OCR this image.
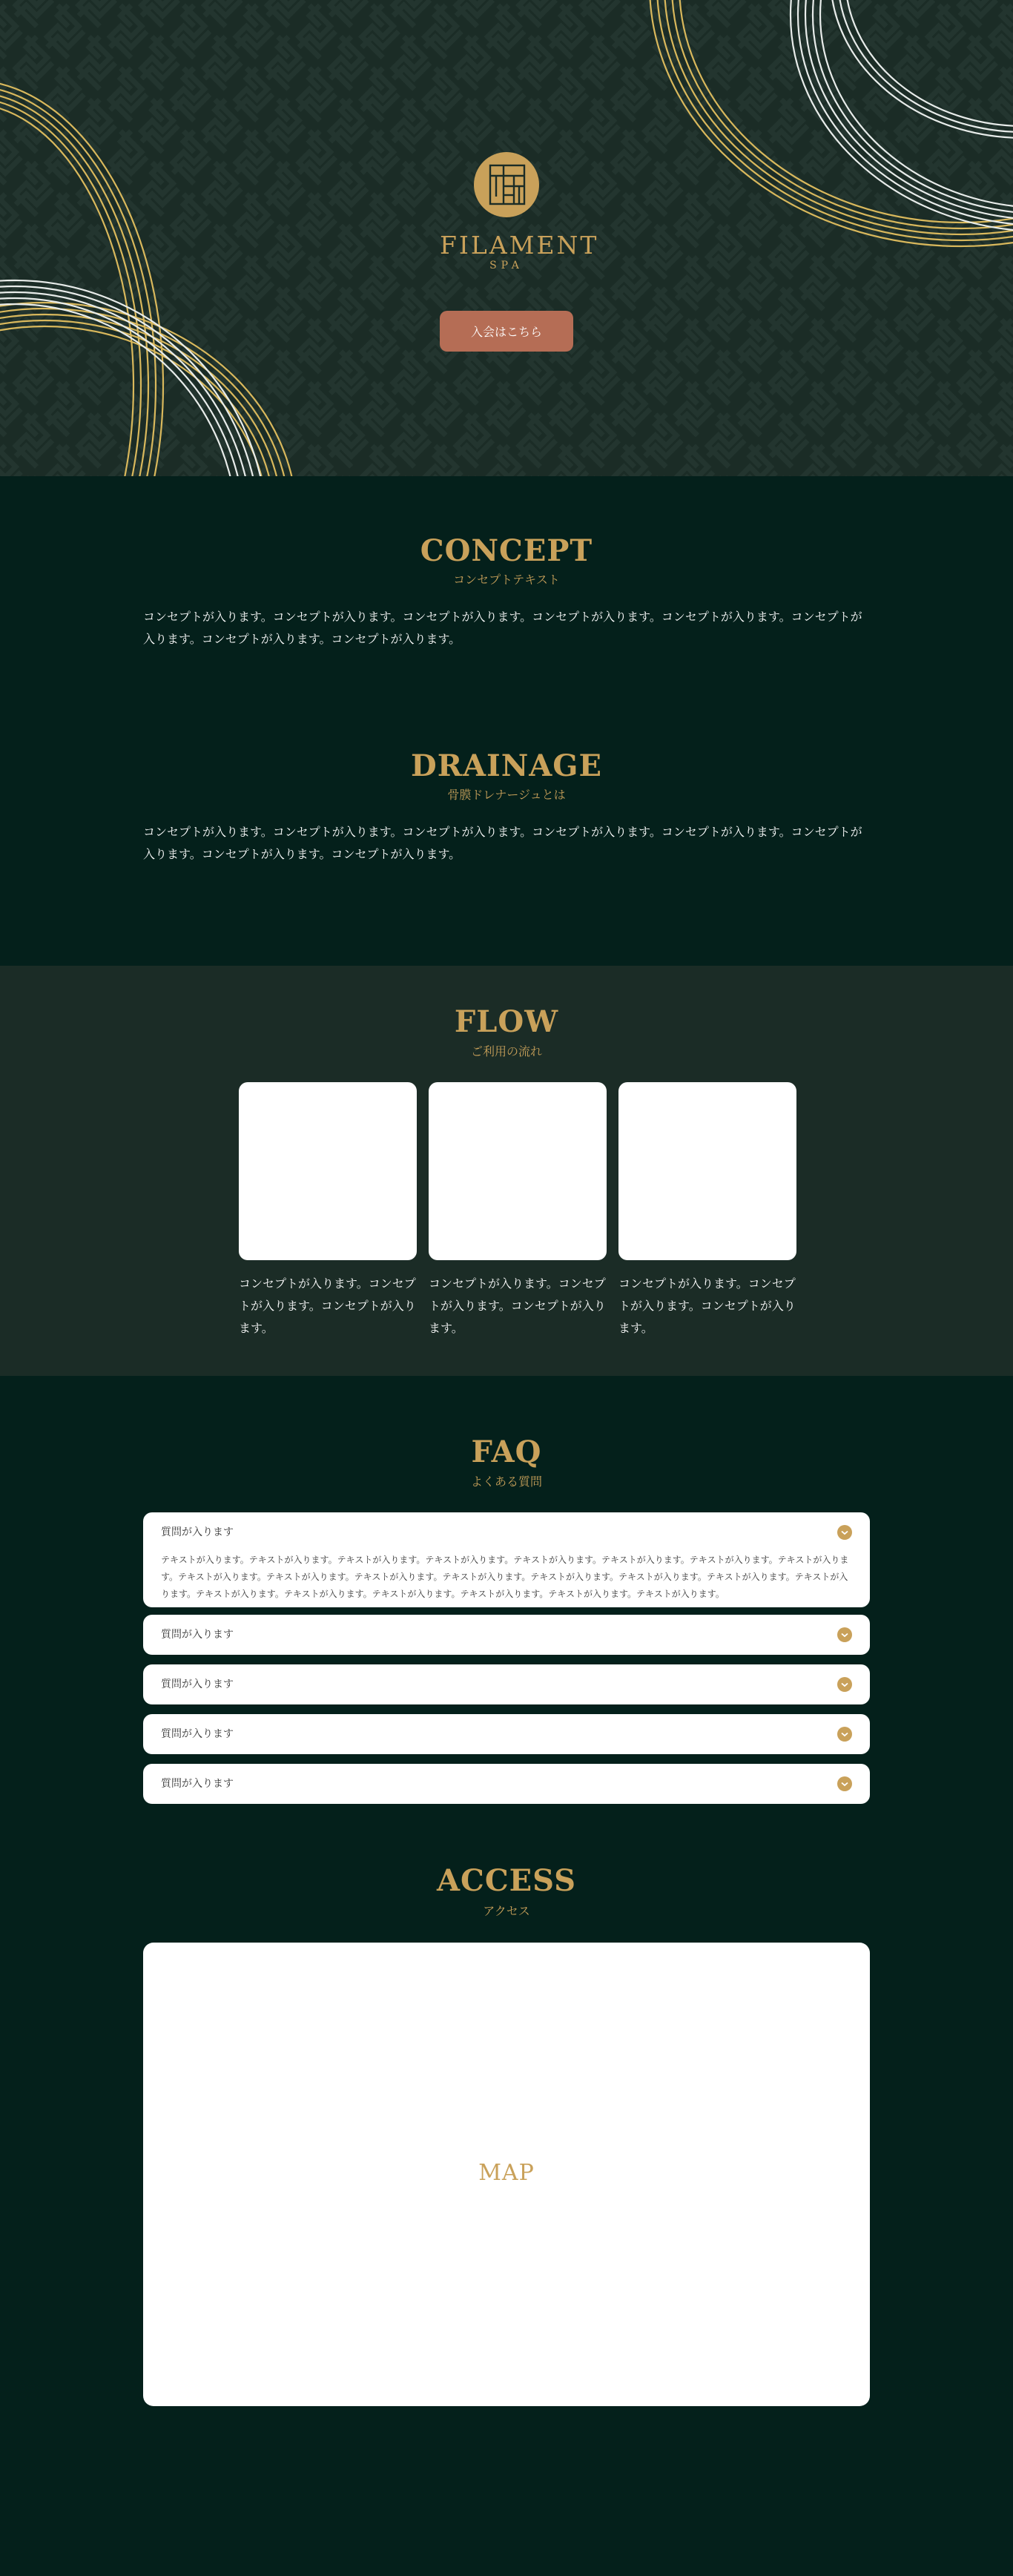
FILAMENT
SPA
入会はこちら
CONCEPT

コンセプトテキスト

コンセプトが入ります。コンセプトが入ります。コンセプトが入ります。コンセプトが入ります。コンセプトが入ります。コンセプトが入ります。コンセプトが入ります。コンセプトが入ります。

DRAINAGE

骨膜ドレナージュとは

コンセプトが入ります。コンセプトが入ります。コンセプトが入ります。コンセプトが入ります。コンセプトが入ります。コンセプトが入ります。コンセプトが入ります。コンセプトが入ります。

FLOW

ご利用の流れ

コンセプトが入ります。コンセプトが入ります。コンセプトが入ります。

コンセプトが入ります。コンセプトが入ります。コンセプトが入ります。

コンセプトが入ります。コンセプトが入ります。コンセプトが入ります。

FAQ

よくある質問

質問が入ります

テキストが入ります。テキストが入ります。テキストが入ります。テキストが入ります。テキストが入ります。テキストが入ります。テキストが入ります。テキストが入ります。テキストが入ります。テキストが入ります。テキストが入ります。テキストが入ります。テキストが入ります。テキストが入ります。テキストが入ります。テキストが入ります。テキストが入ります。テキストが入ります。テキストが入ります。テキストが入ります。テキストが入ります。テキストが入ります。

質問が入ります
質問が入ります
質問が入ります
質問が入ります
ACCESS

アクセス

MAP
